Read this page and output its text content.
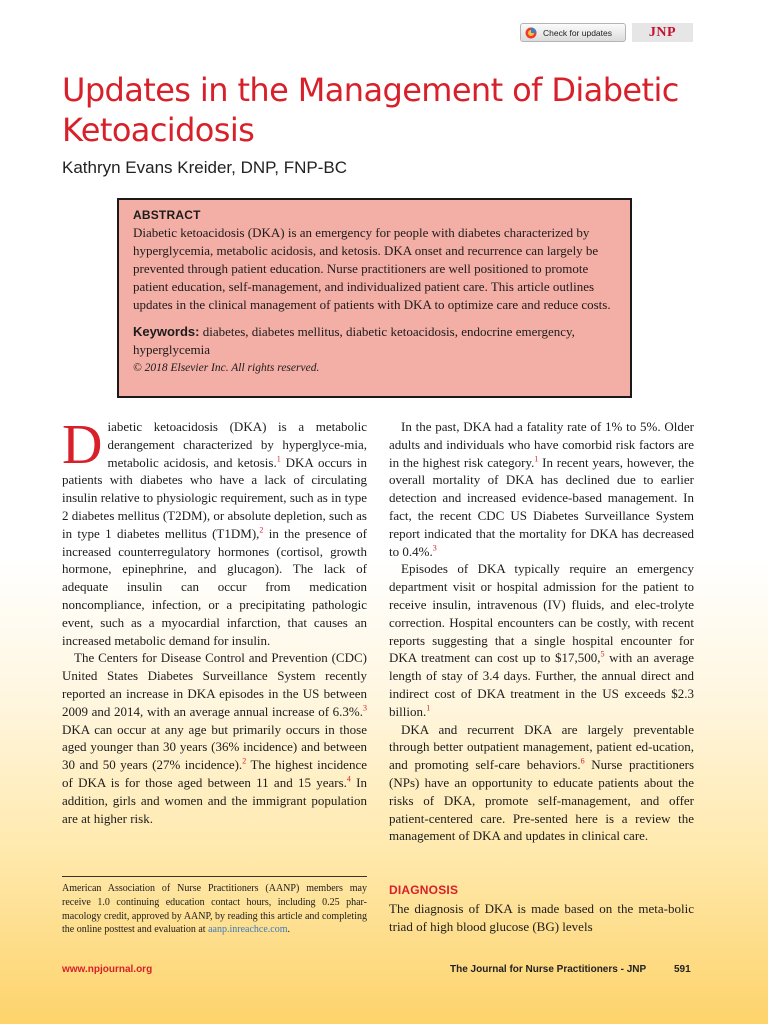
Check for updates	JNP
Updates in the Management of Diabetic Ketoacidosis
Kathryn Evans Kreider, DNP, FNP-BC
ABSTRACT

Diabetic ketoacidosis (DKA) is an emergency for people with diabetes characterized by hyperglycemia, metabolic acidosis, and ketosis. DKA onset and recurrence can largely be prevented through patient education. Nurse practitioners are well positioned to promote patient education, self-management, and individualized patient care. This article outlines updates in the clinical management of patients with DKA to optimize care and reduce costs.

Keywords: diabetes, diabetes mellitus, diabetic ketoacidosis, endocrine emergency, hyperglycemia
© 2018 Elsevier Inc. All rights reserved.

Diabetic ketoacidosis (DKA) is a metabolic derangement characterized by hyperglyce-mia, metabolic acidosis, and ketosis.$^1$ DKA occurs in patients with diabetes who have a lack of circulating insulin relative to physiologic requirement, such as in type 2 diabetes mellitus (T2DM), or absolute depletion, such as in type 1 diabetes mellitus (T1DM),$^2$ in the presence of increased counterregulatory hormones (cortisol, growth hormone, epinephrine, and glucagon). The lack of adequate insulin can occur from medication noncompliance, infection, or a precipitating pathologic event, such as a myocardial infarction, that causes an increased metabolic demand for insulin.

The Centers for Disease Control and Prevention (CDC) United States Diabetes Surveillance System recently reported an increase in DKA episodes in the US between 2009 and 2014, with an average annual increase of 6.3%.$^3$ DKA can occur at any age but primarily occurs in those aged younger than 30 years (36% incidence) and between 30 and 50 years (27% incidence).$^2$ The highest incidence of DKA is for those aged between 11 and 15 years.$^4$ In addition, girls and women and the immigrant population are at higher risk.

American Association of Nurse Practitioners (AANP) members may receive 1.0 continuing education contact hours, including 0.25 phar-macology credit, approved by AANP, by reading this article and completing the online posttest and evaluation at aanp.inreachce.com.

In the past, DKA had a fatality rate of 1% to 5%. Older adults and individuals who have comorbid risk factors are in the highest risk category.$^1$ In recent years, however, the overall mortality of DKA has declined due to earlier detection and increased evidence-based management. In fact, the recent CDC US Diabetes Surveillance System report indicated that the mortality for DKA has decreased to 0.4%.$^3$

Episodes of DKA typically require an emergency department visit or hospital admission for the patient to receive insulin, intravenous (IV) fluids, and elec-trolyte correction. Hospital encounters can be costly, with recent reports suggesting that a single hospital encounter for DKA treatment can cost up to $17,500,$^5$ with an average length of stay of 3.4 days. Further, the annual direct and indirect cost of DKA treatment in the US exceeds $2.3 billion.$^1$

DKA and recurrent DKA are largely preventable through better outpatient management, patient ed-ucation, and promoting self-care behaviors.$^6$ Nurse practitioners (NPs) have an opportunity to educate patients about the risks of DKA, promote self-management, and offer patient-centered care. Pre-sented here is a review the management of DKA and updates in clinical care.

DIAGNOSIS

The diagnosis of DKA is made based on the meta-bolic triad of high blood glucose (BG) levels

www.npjournal.org	The Journal for Nurse Practitioners - JNP	591
